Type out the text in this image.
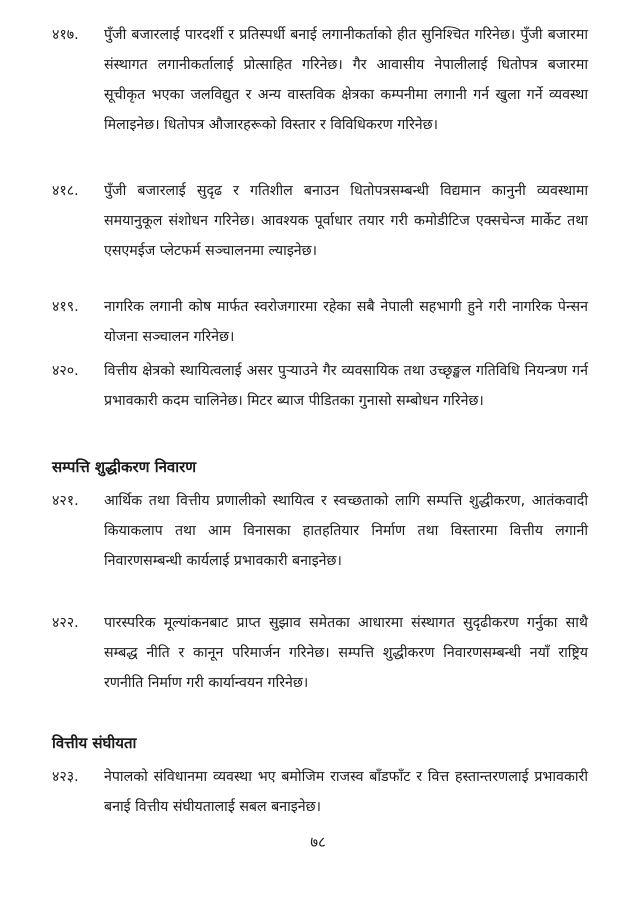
४१७.	पुँजी बजारलाई पारदर्शी र प्रतिस्पर्धी बनाई लगानीकर्ताको हीत सुनिश्चित गरिनेछ। पुँजी बजारमा संस्थागत लगानीकर्तालाई प्रोत्साहित गरिनेछ। गैर आवासीय नेपालीलाई धितोपत्र बजारमा सूचीकृत भएका जलविद्युत र अन्य वास्तविक क्षेत्रका कम्पनीमा लगानी गर्न खुला गर्ने व्यवस्था मिलाइनेछ। धितोपत्र औजारहरूको विस्तार र विविधिकरण गरिनेछ।
४१८.	पुँजी बजारलाई सुदृढ र गतिशील बनाउन धितोपत्रसम्बन्धी विद्यमान कानुनी व्यवस्थामा समयानुकूल संशोधन गरिनेछ। आवश्यक पूर्वाधार तयार गरी कमोडीटिज एक्सचेन्ज मार्केट तथा एसएमईज प्लेटफर्म सञ्चालनमा ल्याइनेछ।
४१९.	नागरिक लगानी कोष मार्फत स्वरोजगारमा रहेका सबै नेपाली सहभागी हुने गरी नागरिक पेन्सन योजना सञ्चालन गरिनेछ।
४२०.	वित्तीय क्षेत्रको स्थायित्वलाई असर पुऱ्याउने गैर व्यवसायिक तथा उच्छृङ्खल गतिविधि नियन्त्रण गर्न प्रभावकारी कदम चालिनेछ। मिटर ब्याज पीडितका गुनासो सम्बोधन गरिनेछ।
सम्पत्ति शुद्धीकरण निवारण
४२१.	आर्थिक तथा वित्तीय प्रणालीको स्थायित्व र स्वच्छताको लागि सम्पत्ति शुद्धीकरण, आतंकवादी कियाकलाप तथा आम विनासका हातहतियार निर्माण तथा विस्तारमा वित्तीय लगानी निवारणसम्बन्धी कार्यलाई प्रभावकारी बनाइनेछ।
४२२.	पारस्परिक मूल्यांकनबाट प्राप्त सुझाव समेतका आधारमा संस्थागत सुदृढीकरण गर्नुका साथै सम्बद्ध नीति र कानून परिमार्जन गरिनेछ। सम्पत्ति शुद्धीकरण निवारणसम्बन्धी नयाँ राष्ट्रिय रणनीति निर्माण गरी कार्यान्वयन गरिनेछ।
वित्तीय संघीयता
४२३.	नेपालको संविधानमा व्यवस्था भए बमोजिम राजस्व बाँडफाँट र वित्त हस्तान्तरणलाई प्रभावकारी बनाई वित्तीय संघीयतालाई सबल बनाइनेछ।
७८
